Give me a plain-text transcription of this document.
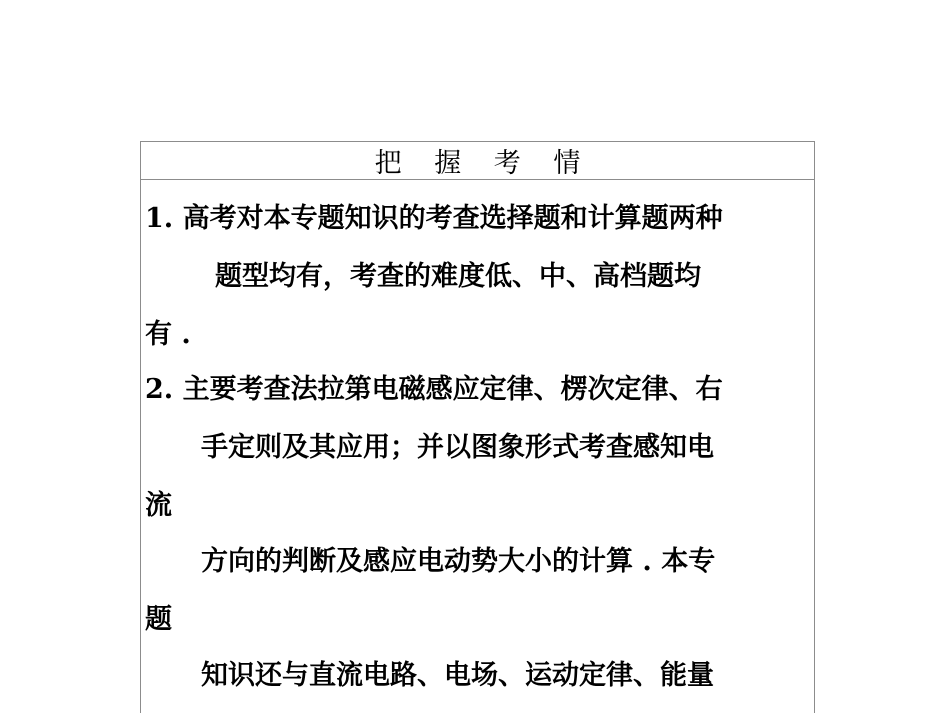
把 握 考 情
1. 高考对本专题知识的考查选择题和计算题两种
题型均有，考查的难度低、中、高档题均
有 .
2. 主要考查法拉第电磁感应定律、楞次定律、右
手定则及其应用；并以图象形式考查感知电
流
方向的判断及感应电动势大小的计算 . 本专
题
知识还与直流电路、电场、运动定律、能量
